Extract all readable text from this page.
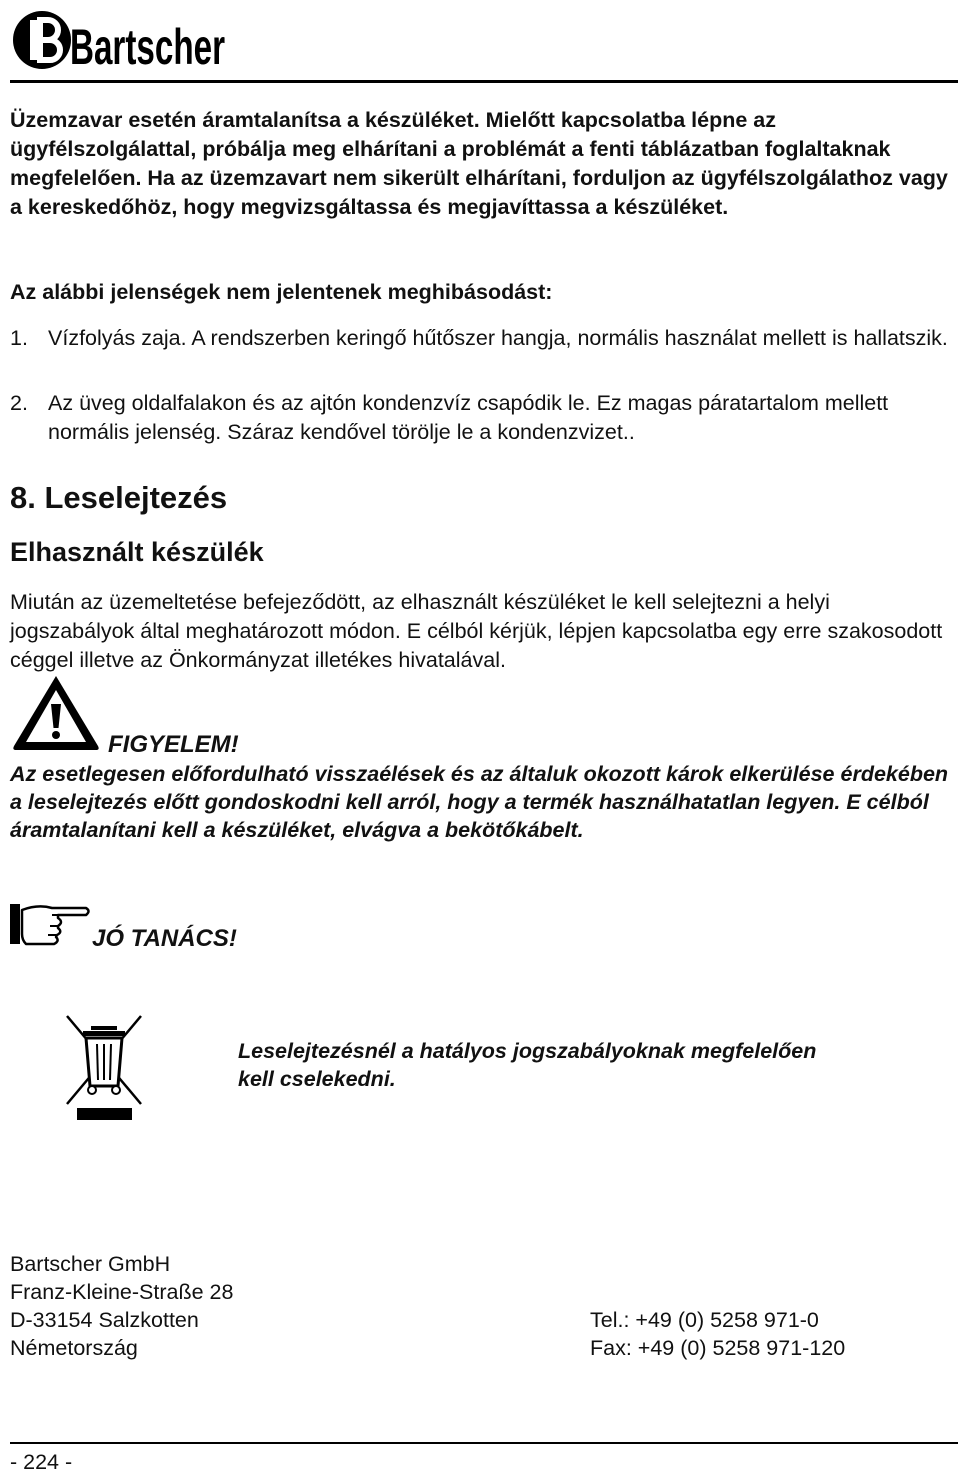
Bartscher
Üzemzavar esetén áramtalanítsa a készüléket. Mielőtt kapcsolatba lépne az ügyfélszolgálattal, próbálja meg elhárítani a problémát a fenti táblázatban foglaltaknak megfelelően. Ha az üzemzavart nem sikerült elhárítani, forduljon az ügyfélszolgálathoz vagy a kereskedőhöz, hogy megvizsgáltassa és megjavíttassa a készüléket.
Az alábbi jelenségek nem jelentenek meghibásodást:
1. Vízfolyás zaja. A rendszerben keringő hűtőszer hangja, normális használat mellett is hallatszik.
2. Az üveg oldalfalakon és az ajtón kondenzvíz csapódik le. Ez magas páratartalom mellett normális jelenség. Száraz kendővel törölje le a kondenzvizet..
8. Leselejtezés
Elhasznált készülék
Miután az üzemeltetése befejeződött, az elhasznált készüléket le kell selejtezni a helyi jogszabályok által meghatározott módon. E célból kérjük, lépjen kapcsolatba egy erre szakosodott céggel illetve az Önkormányzat illetékes hivatalával.
FIGYELEM!
Az esetlegesen előfordulható visszaélések és az általuk okozott károk elkerülése érdekében a leselejtezés előtt gondoskodni kell arról, hogy a termék használhatatlan legyen. E célból áramtalanítani kell a készüléket, elvágva a bekötőkábelt.
JÓ TANÁCS!
Leselejtezésnél a hatályos jogszabályoknak megfelelően kell cselekedni.
Bartscher GmbH
Franz-Kleine-Straße 28
D-33154 Salzkotten
Németország
Tel.: +49 (0) 5258 971-0
Fax: +49 (0) 5258 971-120
- 224 -
